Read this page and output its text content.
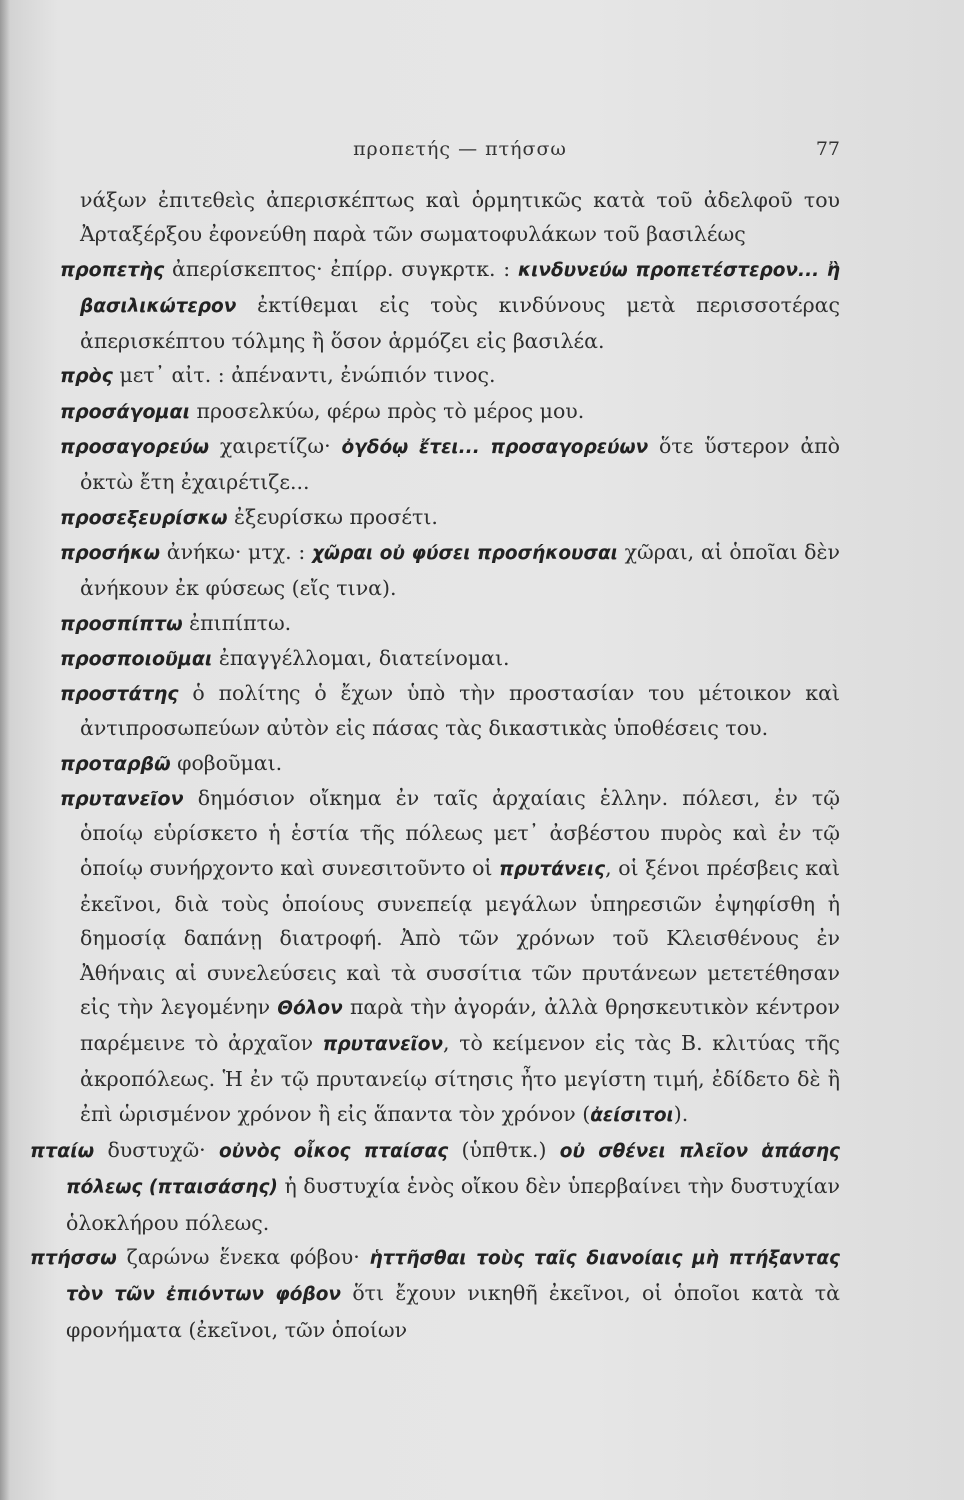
προπετής — πτήσσω	77

νάξων ἐπιτεθεὶς ἀπερισκέπτως καὶ ὁρμητικῶς κατὰ τοῦ ἀδελφοῦ του Ἀρταξέρξου ἐφονεύθη παρὰ τῶν σωματοφυλάκων τοῦ βασιλέως

προπετὴς ἀπερίσκεπτος· ἐπίρρ. συγκρτκ. : κινδυνεύω προπετέστερον... ἢ βασιλικώτερον ἐκτίθεμαι εἰς τοὺς κινδύνους μετὰ περισσοτέρας ἀπερισκέπτου τόλμης ἢ ὅσον ἁρμόζει εἰς βασιλέα.

πρὸς μετ᾽ αἰτ. : ἀπέναντι, ἐνώπιόν τινος.

προσάγομαι προσελκύω, φέρω πρὸς τὸ μέρος μου.

προσαγορεύω χαιρετίζω· ὀγδόῳ ἔτει... προσαγορεύων ὅτε ὕστερον ἀπὸ ὀκτὼ ἔτη ἐχαιρέτιζε...

προσεξευρίσκω ἐξευρίσκω προσέτι.

προσήκω ἀνήκω· μτχ. : χῶραι οὐ φύσει προσήκουσαι χῶραι, αἱ ὁποῖαι δὲν ἀνήκουν ἐκ φύσεως (εἴς τινα).

προσπίπτω ἐπιπίπτω.

προσποιοῦμαι ἐπαγγέλλομαι, διατείνομαι.

προστάτης ὁ πολίτης ὁ ἔχων ὑπὸ τὴν προστασίαν του μέτοικον καὶ ἀντιπροσωπεύων αὐτὸν εἰς πάσας τὰς δικαστικὰς ὑποθέσεις του.

προταρβῶ φοβοῦμαι.

πρυτανεῖον δημόσιον οἴκημα ἐν ταῖς ἀρχαίαις ἑλλην. πόλεσι, ἐν τῷ ὁποίῳ εὑρίσκετο ἡ ἑστία τῆς πόλεως μετ᾽ ἀσβέστου πυρὸς καὶ ἐν τῷ ὁποίῳ συνήρχοντο καὶ συνεσιτοῦντο οἱ πρυτάνεις, οἱ ξένοι πρέσβεις καὶ ἐκεῖνοι, διὰ τοὺς ὁποίους συνεπείᾳ μεγάλων ὑπηρεσιῶν ἐψηφίσθη ἡ δημοσίᾳ δαπάνῃ διατροφή. Ἀπὸ τῶν χρόνων τοῦ Κλεισθένους ἐν Ἀθήναις αἱ συνελεύσεις καὶ τὰ συσσίτια τῶν πρυτάνεων μετετέθησαν εἰς τὴν λεγομένην Θόλον παρὰ τὴν ἀγοράν, ἀλλὰ θρησκευτικὸν κέντρον παρέμεινε τὸ ἀρχαῖον πρυτανεῖον, τὸ κείμενον εἰς τὰς Β. κλιτύας τῆς ἀκροπόλεως. Ἡ ἐν τῷ πρυτανείῳ σίτησις ἦτο μεγίστη τιμή, ἐδίδετο δὲ ἢ ἐπὶ ὡρισμένον χρόνον ἢ εἰς ἅπαντα τὸν χρόνον (ἀείσιτοι).

πταίω δυστυχῶ· οὐνὸς οἶκος πταίσας (ὑπθτκ.) οὐ σθένει πλεῖον ἁπάσης πόλεως (πταισάσης) ἡ δυστυχία ἑνὸς οἴκου δὲν ὑπερβαίνει τὴν δυστυχίαν ὁλοκλήρου πόλεως.

πτήσσω ζαρώνω ἕνεκα φόβου· ἡττῆσθαι τοὺς ταῖς διανοίαις μὴ πτήξαντας τὸν τῶν ἐπιόντων φόβον ὅτι ἔχουν νικηθῆ ἐκεῖνοι, οἱ ὁποῖοι κατὰ τὰ φρονήματα (ἐκεῖνοι, τῶν ὁποίων
